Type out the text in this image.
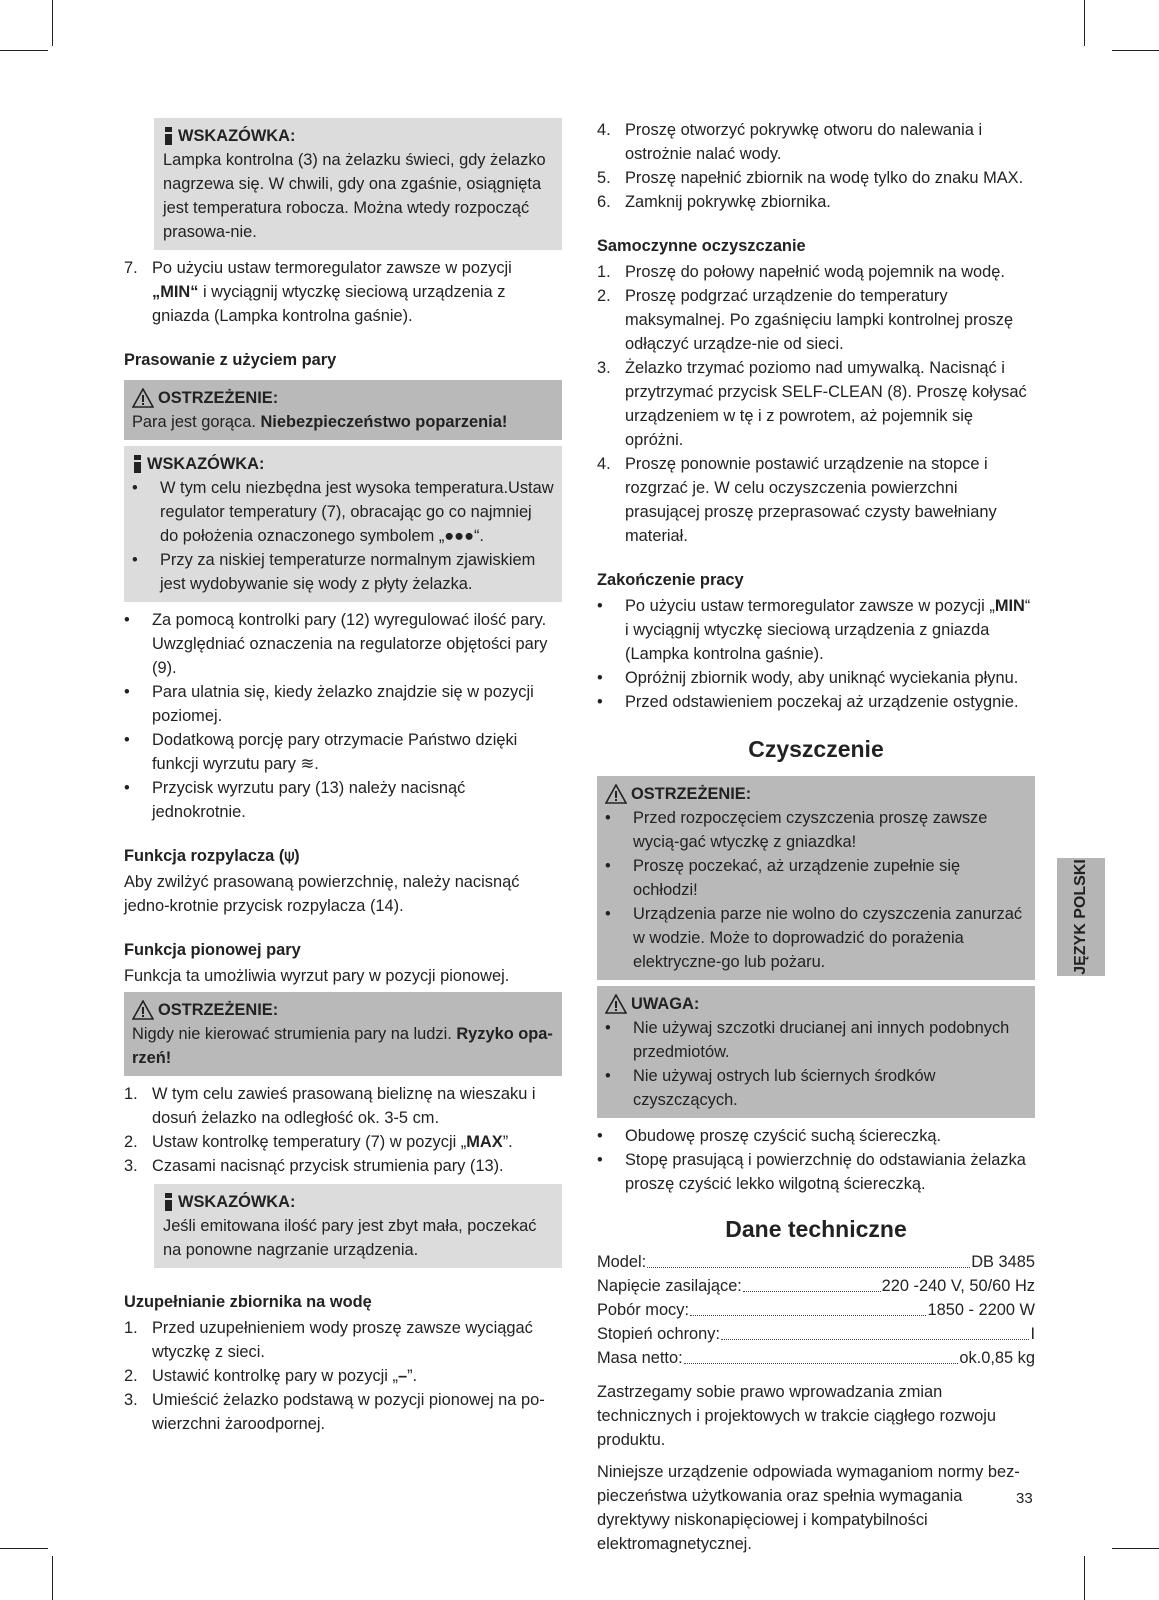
WSKAZÓWKA:

Lampka kontrolna (3) na żelazku świeci, gdy żelazko nagrzewa się. W chwili, gdy ona zgaśnie, osiągnięta jest temperatura robocza. Można wtedy rozpocząć prasowa-nie.

7. Po użyciu ustaw termoregulator zawsze w pozycji „MIN“ i wyciągnij wtyczkę sieciową urządzenia z gniazda (Lampka kontrolna gaśnie).
Prasowanie z użyciem pary
OSTRZEŻENIE:

Para jest gorąca. Niebezpieczeństwo poparzenia!

WSKAZÓWKA:
•	W tym celu niezbędna jest wysoka temperatura.Ustaw regulator temperatury (7), obracając go co najmniej do położenia oznaczonego symbolem „●●●“.
•	Przy za niskiej temperaturze normalnym zjawiskiem jest wydobywanie się wody z płyty żelazka.
•	Za pomocą kontrolki pary (12) wyregulować ilość pary. Uwzględniać oznaczenia na regulatorze objętości pary (9).
•	Para ulatnia się, kiedy żelazko znajdzie się w pozycji poziomej.
•	Dodatkową porcję pary otrzymacie Państwo dzięki funkcji wyrzutu pary ≋.
•	Przycisk wyrzutu pary (13) należy nacisnąć jednokrotnie.
Funkcja rozpylacza (⍦)

Aby zwilżyć prasowaną powierzchnię, należy nacisnąć jedno-krotnie przycisk rozpylacza (14).

Funkcja pionowej pary

Funkcja ta umożliwia wyrzut pary w pozycji pionowej.

OSTRZEŻENIE:

Nigdy nie kierować strumienia pary na ludzi. Ryzyko opa-rzeń!

1. W tym celu zawieś prasowaną bieliznę na wieszaku i dosuń żelazko na odległość ok. 3-5 cm.
2. Ustaw kontrolkę temperatury (7) w pozycji „MAX”.
3. Czasami nacisnąć przycisk strumienia pary (13).
WSKAZÓWKA:

Jeśli emitowana ilość pary jest zbyt mała, poczekać na ponowne nagrzanie urządzenia.

Uzupełnianie zbiornika na wodę
1. Przed uzupełnieniem wody proszę zawsze wyciągać wtyczkę z sieci.
2. Ustawić kontrolkę pary w pozycji „–”.
3. Umieścić żelazko podstawą w pozycji pionowej na po-wierzchni żaroodpornej.
4. Proszę otworzyć pokrywkę otworu do nalewania i ostrożnie nalać wody.
5. Proszę napełnić zbiornik na wodę tylko do znaku MAX.
6. Zamknij pokrywkę zbiornika.
Samoczynne oczyszczanie
1. Proszę do połowy napełnić wodą pojemnik na wodę.
2. Proszę podgrzać urządzenie do temperatury maksymalnej. Po zgaśnięciu lampki kontrolnej proszę odłączyć urządze-nie od sieci.
3. Żelazko trzymać poziomo nad umywalką. Nacisnąć i przytrzymać przycisk SELF-CLEAN (8). Proszę kołysać urządzeniem w tę i z powrotem, aż pojemnik się opróżni.
4. Proszę ponownie postawić urządzenie na stopce i rozgrzać je. W celu oczyszczenia powierzchni prasującej proszę przeprasować czysty bawełniany materiał.
Zakończenie pracy
•	Po użyciu ustaw termoregulator zawsze w pozycji „MIN“ i wyciągnij wtyczkę sieciową urządzenia z gniazda (Lampka kontrolna gaśnie).
•	Opróżnij zbiornik wody, aby uniknąć wyciekania płynu.
•	Przed odstawieniem poczekaj aż urządzenie ostygnie.
Czyszczenie
OSTRZEŻENIE:
•	Przed rozpoczęciem czyszczenia proszę zawsze wycią-gać wtyczkę z gniazdka!
•	Proszę poczekać, aż urządzenie zupełnie się ochłodzi!
•	Urządzenia parze nie wolno do czyszczenia zanurzać w wodzie. Może to doprowadzić do porażenia elektryczne-go lub pożaru.
UWAGA:
•	Nie używaj szczotki drucianej ani innych podobnych przedmiotów.
•	Nie używaj ostrych lub ściernych środków czyszczących.
•	Obudowę proszę czyścić suchą ściereczką.
•	Stopę prasującą i powierzchnię do odstawiania żelazka proszę czyścić lekko wilgotną ściereczką.
Dane techniczne
Model:	DB 3485
Napięcie zasilające:	220 -240 V, 50/60 Hz
Pobór mocy:	1850 - 2200 W
Stopień ochrony:	I
Masa netto:	ok.0,85 kg

Zastrzegamy sobie prawo wprowadzania zmian technicznych i projektowych w trakcie ciągłego rozwoju produktu.

Niniejsze urządzenie odpowiada wymaganiom normy bez-pieczeństwa użytkowania oraz spełnia wymagania dyrektywy niskonapięciowej i kompatybilności elektromagnetycznej.

JĘZYK POLSKI
33
